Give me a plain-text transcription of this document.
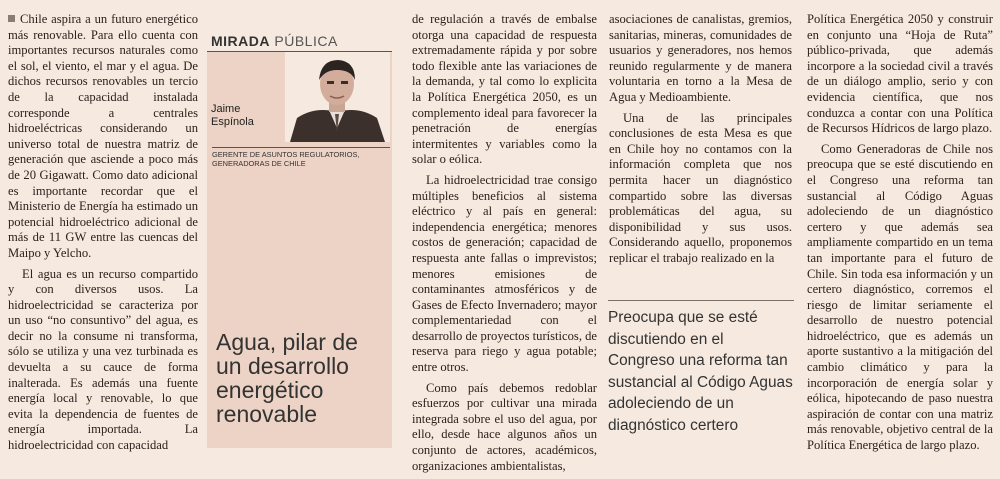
Chile aspira a un futuro energético más renovable. Para ello cuenta con importantes recursos naturales como el sol, el viento, el mar y el agua. De dichos recursos renovables un tercio de la capacidad instalada corresponde a centrales hidroeléctricas considerando un universo total de nuestra matriz de generación que asciende a poco más de 20 Gigawatt. Como dato adicional es importante recordar que el Ministerio de Energía ha estimado un potencial hidroeléctrico adicional de más de 11 GW entre las cuencas del Maipo y Yelcho.

El agua es un recurso compartido y con diversos usos. La hidroelectricidad se caracteriza por un uso “no consuntivo” del agua, es decir no la consume ni transforma, sólo se utiliza y una vez turbinada es devuelta a su cauce de forma inalterada. Es además una fuente energía local y renovable, lo que evita la dependencia de fuentes de energía importada. La hidroelectricidad con capacidad

MIRADA PÚBLICA
Jaime
Espínola
GERENTE DE ASUNTOS REGULATORIOS, GENERADORAS DE CHILE
Agua, pilar de un desarrollo energético renovable

de regulación a través de embalse otorga una capacidad de respuesta extremadamente rápida y por sobre todo flexible ante las variaciones de la demanda, y tal como lo explicita la Política Energética 2050, es un complemento ideal para favorecer la penetración de energías intermitentes y variables como la solar o eólica.

La hidroelectricidad trae consigo múltiples beneficios al sistema eléctrico y al país en general: independencia energética; menores costos de generación; capacidad de respuesta ante fallas o imprevistos; menores emisiones de contaminantes atmosféricos y de Gases de Efecto Invernadero; mayor complementariedad con el desarrollo de proyectos turísticos, de reserva para riego y agua potable; entre otros.

Como país debemos redoblar esfuerzos por cultivar una mirada integrada sobre el uso del agua, por ello, desde hace algunos años un conjunto de actores, académicos, organizaciones ambientalistas,

asociaciones de canalistas, gremios, sanitarias, mineras, comunidades de usuarios y generadores, nos hemos reunido regularmente y de manera voluntaria en torno a la Mesa de Agua y Medioambiente.

Una de las principales conclusiones de esta Mesa es que en Chile hoy no contamos con la información completa que nos permita hacer un diagnóstico compartido sobre las diversas problemáticas del agua, su disponibilidad y sus usos. Considerando aquello, proponemos replicar el trabajo realizado en la

Preocupa que se esté discutiendo en el Congreso una reforma tan sustancial al Código Aguas adoleciendo de un diagnóstico certero

Política Energética 2050 y construir en conjunto una “Hoja de Ruta” público-privada, que además incorpore a la sociedad civil a través de un diálogo amplio, serio y con evidencia científica, que nos conduzca a contar con una Política de Recursos Hídricos de largo plazo.

Como Generadoras de Chile nos preocupa que se esté discutiendo en el Congreso una reforma tan sustancial al Código Aguas adoleciendo de un diagnóstico certero y que además sea ampliamente compartido en un tema tan importante para el futuro de Chile. Sin toda esa información y un certero diagnóstico, corremos el riesgo de limitar seriamente el desarrollo de nuestro potencial hidroeléctrico, que es además un aporte sustantivo a la mitigación del cambio climático y para la incorporación de energía solar y eólica, hipotecando de paso nuestra aspiración de contar con una matriz más renovable, objetivo central de la Política Energética de largo plazo.
